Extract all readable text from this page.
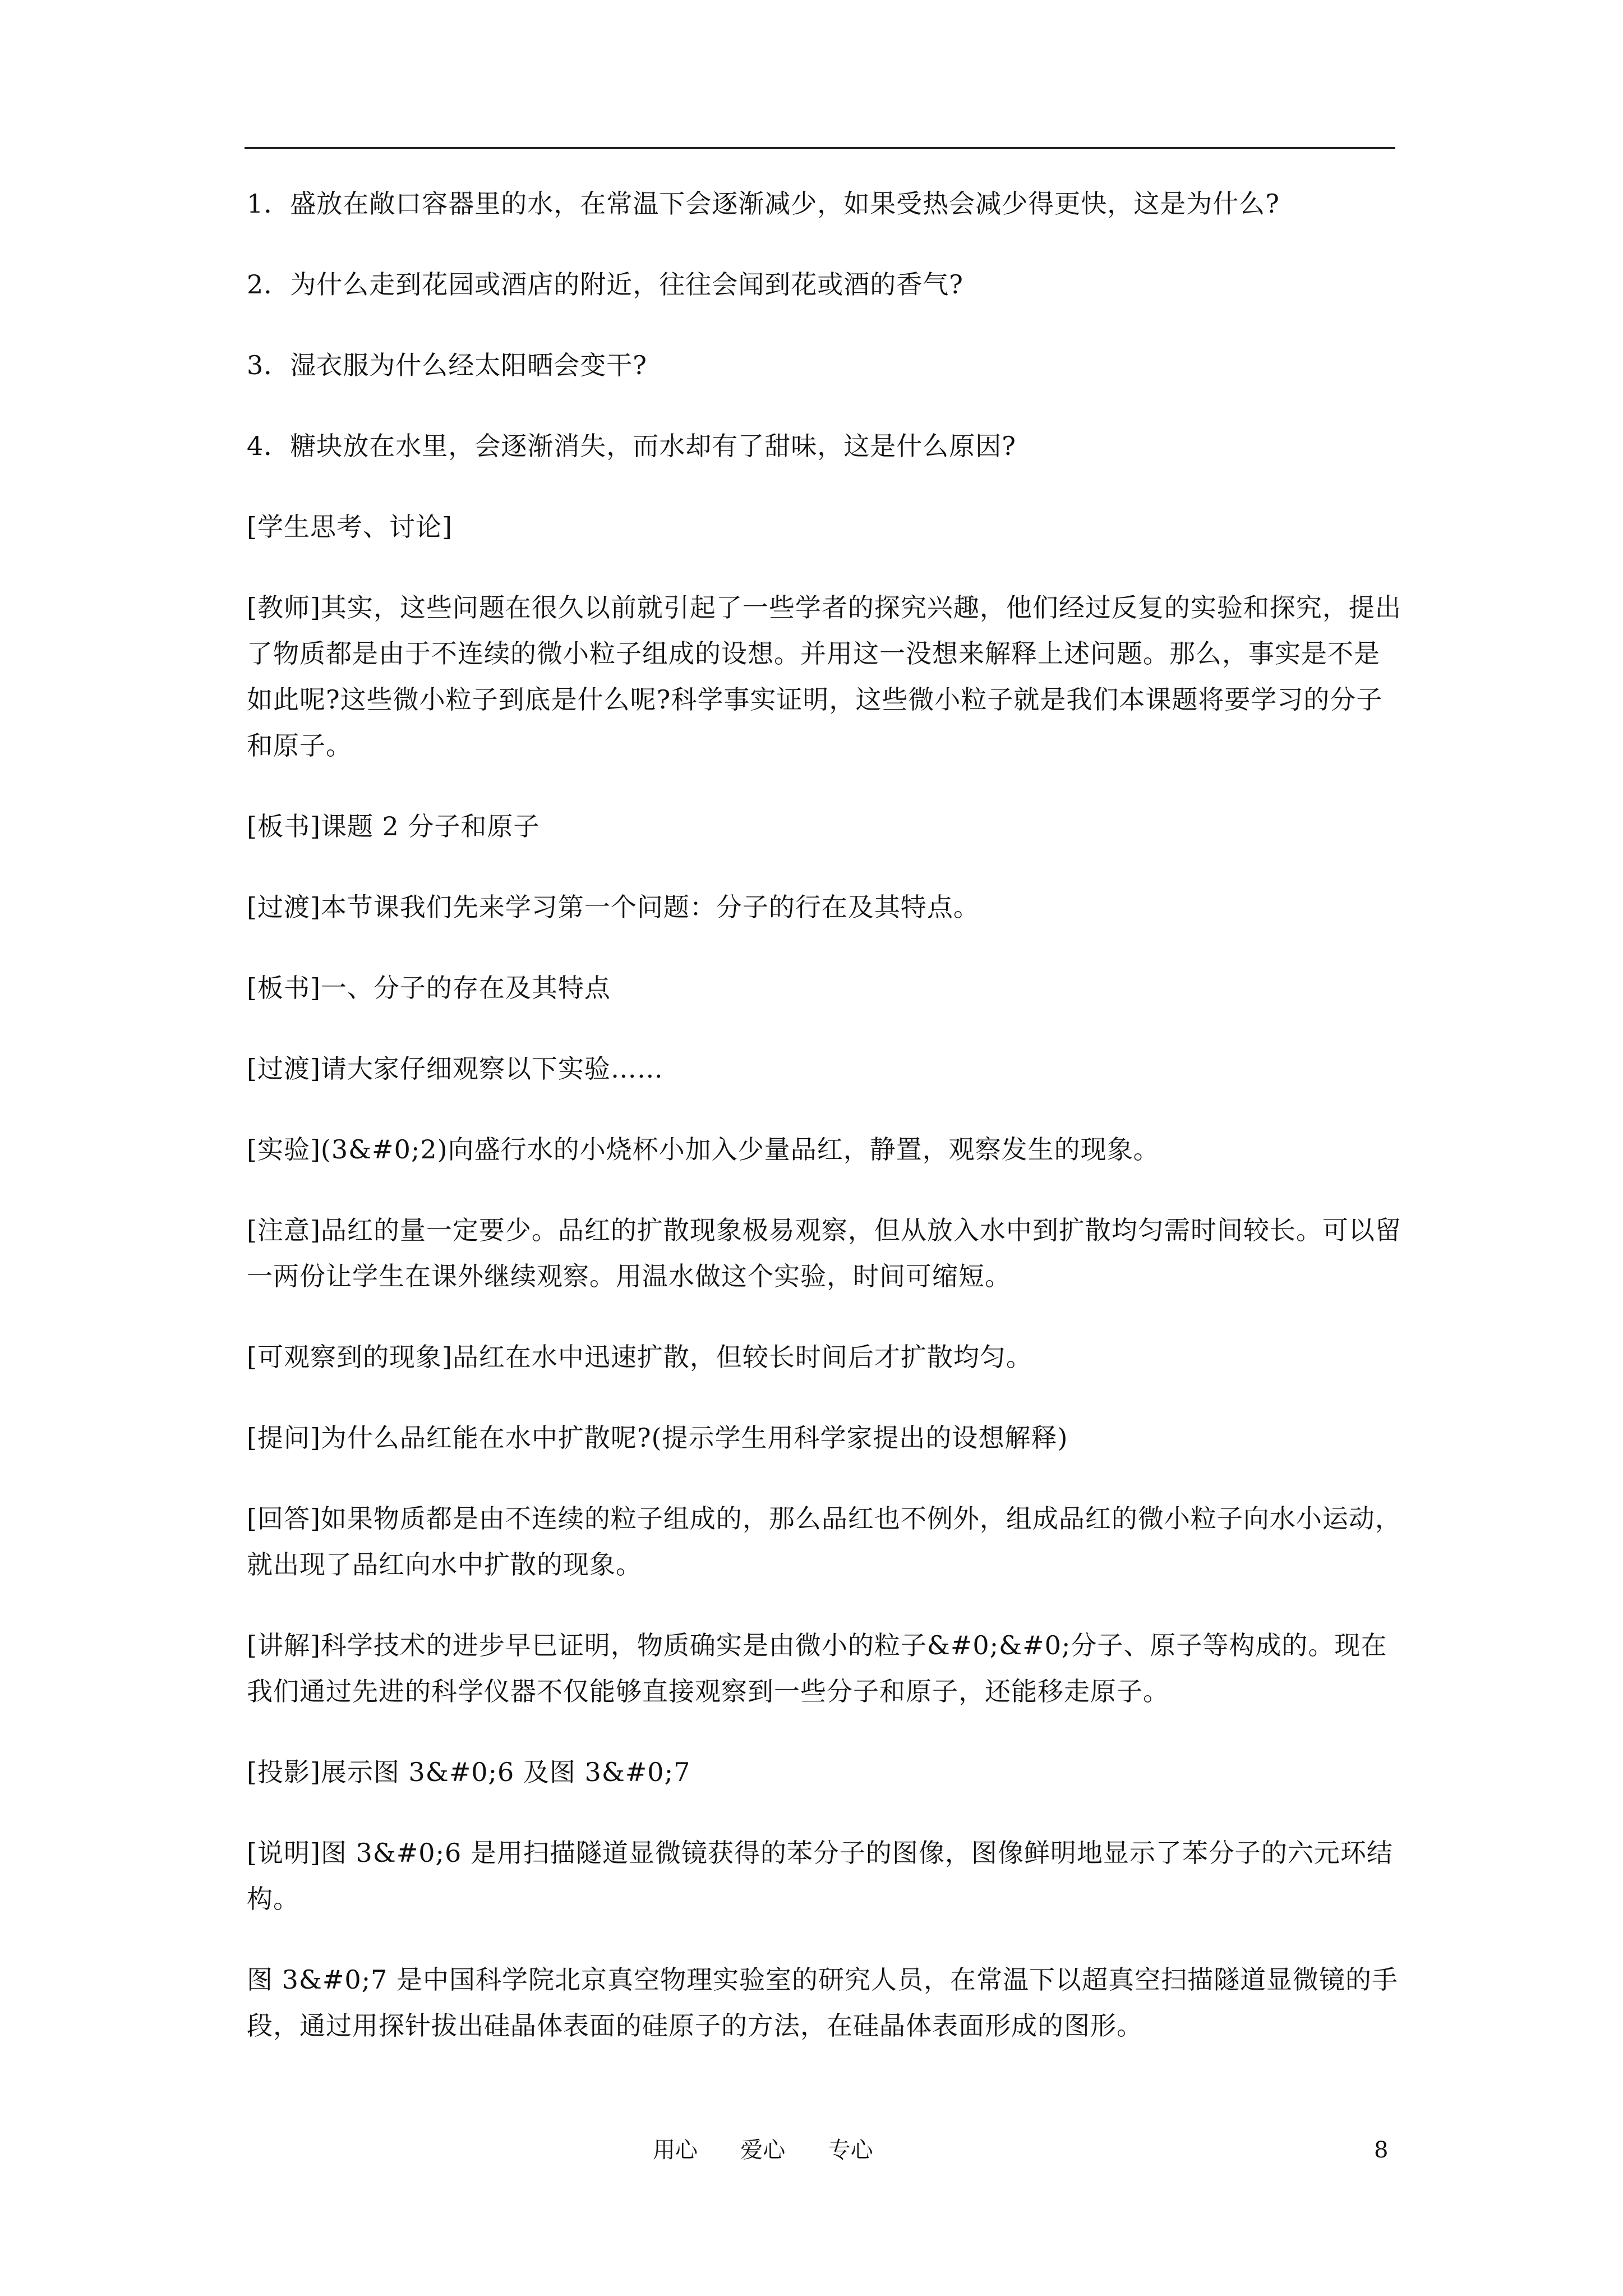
1．盛放在敞口容器里的水，在常温下会逐渐减少，如果受热会减少得更快，这是为什么?

2．为什么走到花园或酒店的附近，往往会闻到花或酒的香气?

3．湿衣服为什么经太阳晒会变干?

4．糖块放在水里，会逐渐消失，而水却有了甜味，这是什么原因?

[学生思考、讨论]

[教师]其实，这些问题在很久以前就引起了一些学者的探究兴趣，他们经过反复的实验和探究，提出了物质都是由于不连续的微小粒子组成的设想。并用这一没想来解释上述问题。那么，事实是不是如此呢?这些微小粒子到底是什么呢?科学事实证明，这些微小粒子就是我们本课题将要学习的分子和原子。

[板书]课题 2 分子和原子

[过渡]本节课我们先来学习第一个问题：分子的行在及其特点。

[板书]一、分子的存在及其特点

[过渡]请大家仔细观察以下实验……

[实验](3&#0;2)向盛行水的小烧杯小加入少量品红，静置，观察发生的现象。

[注意]品红的量一定要少。品红的扩散现象极易观察，但从放入水中到扩散均匀需时间较长。可以留一两份让学生在课外继续观察。用温水做这个实验，时间可缩短。

[可观察到的现象]品红在水中迅速扩散，但较长时间后才扩散均匀。

[提问]为什么品红能在水中扩散呢?(提示学生用科学家提出的设想解释)

[回答]如果物质都是由不连续的粒子组成的，那么品红也不例外，组成品红的微小粒子向水小运动，就出现了品红向水中扩散的现象。

[讲解]科学技术的进步早巳证明，物质确实是由微小的粒子&#0;&#0;分子、原子等构成的。现在我们通过先进的科学仪器不仅能够直接观察到一些分子和原子，还能移走原子。

[投影]展示图 3&#0;6 及图 3&#0;7

[说明]图 3&#0;6 是用扫描隧道显微镜获得的苯分子的图像，图像鲜明地显示了苯分子的六元环结构。

图 3&#0;7 是中国科学院北京真空物理实验室的研究人员，在常温下以超真空扫描隧道显微镜的手段，通过用探针拔出硅晶体表面的硅原子的方法，在硅晶体表面形成的图形。

用心      爱心      专心	8
